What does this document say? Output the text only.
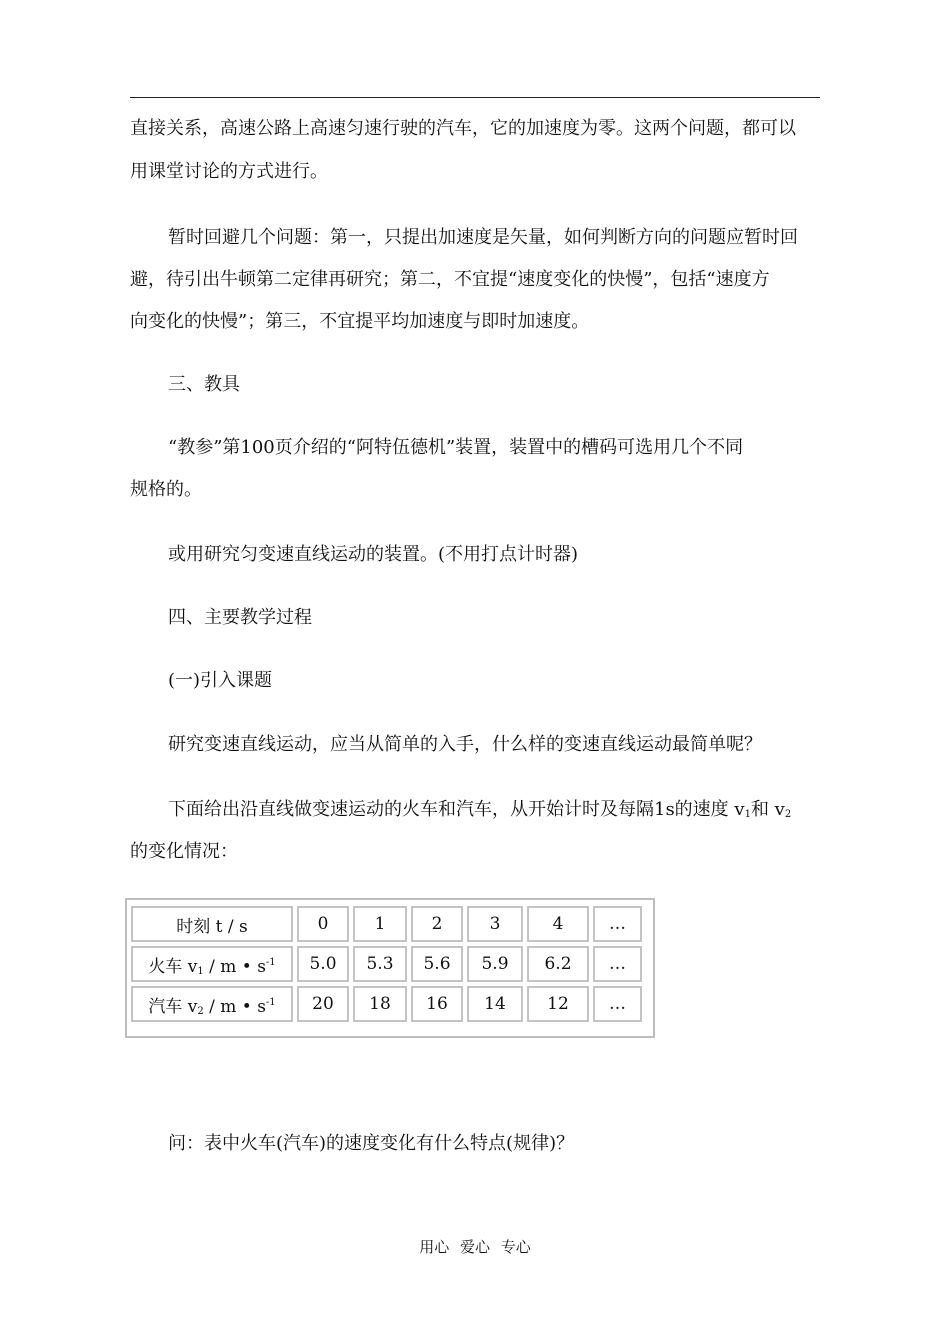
直接关系，高速公路上高速匀速行驶的汽车，它的加速度为零。这两个问题，都可以
用课堂讨论的方式进行。
暂时回避几个问题：第一，只提出加速度是矢量，如何判断方向的问题应暂时回
避，待引出牛顿第二定律再研究；第二，不宜提“速度变化的快慢”，包括“速度方
向变化的快慢”；第三，不宜提平均加速度与即时加速度。
三、教具
“教参”第100页介绍的“阿特伍德机”装置，装置中的槽码可选用几个不同
规格的。
或用研究匀变速直线运动的装置。(不用打点计时器)
四、主要教学过程
(一)引入课题
研究变速直线运动，应当从简单的入手，什么样的变速直线运动最简单呢？
下面给出沿直线做变速运动的火车和汽车，从开始计时及每隔1s的速度 $v_1$和 $v_2$
的变化情况：
时刻 t / s	0	1	2	3	4	…
火车 $v_1$ / m • $s^{-1}$	5.0	5.3	5.6	5.9	6.2	…
汽车 $v_2$ / m • $s^{-1}$	20	18	16	14	12	…
问：表中火车(汽车)的速度变化有什么特点(规律)？
用心 爱心 专心
